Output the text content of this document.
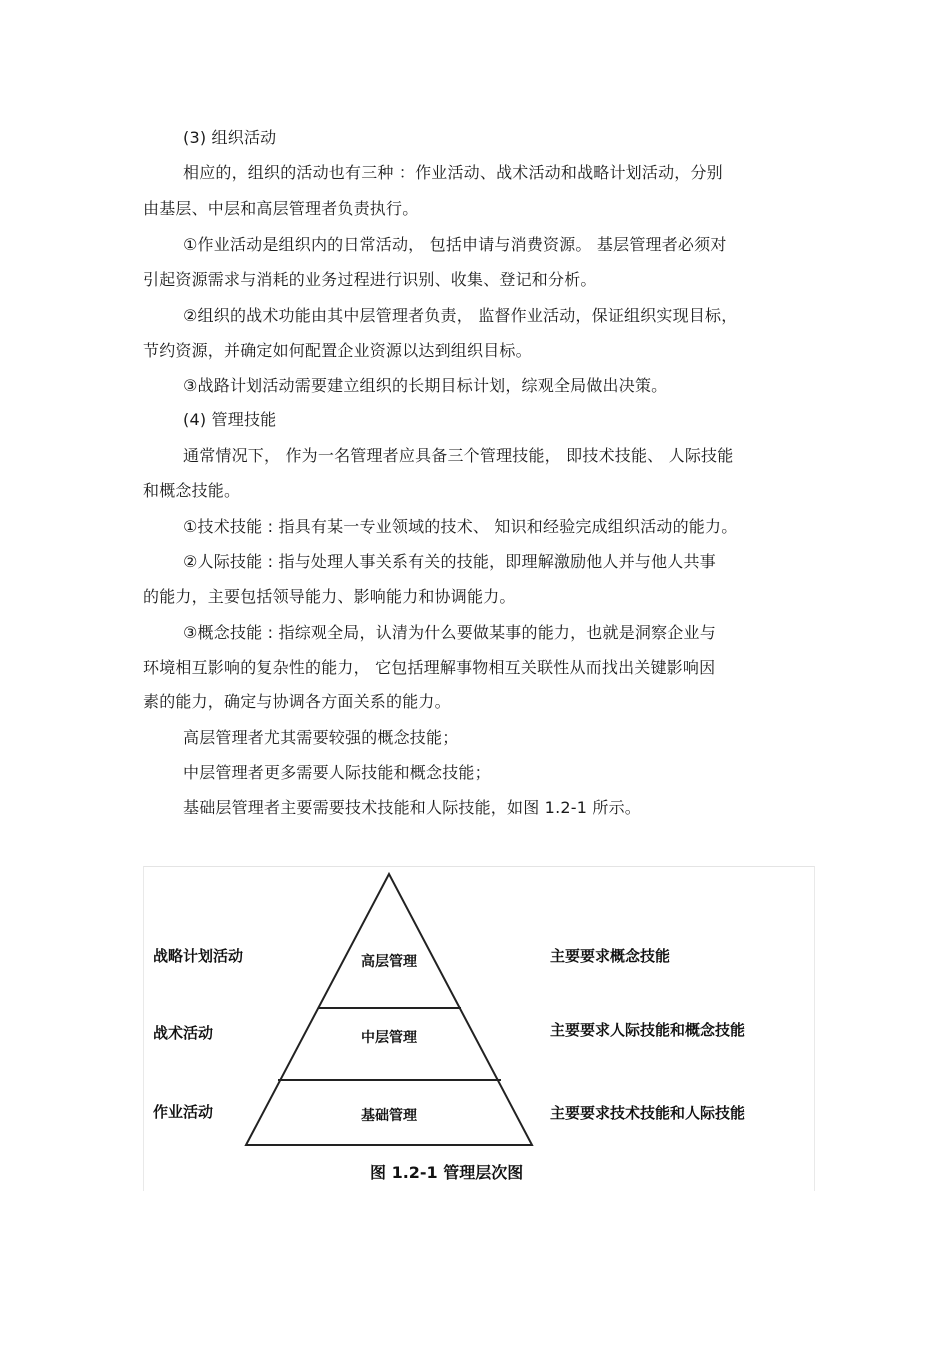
(3) 组织活动
相应的，组织的活动也有三种 ：作业活动、战术活动和战略计划活动，分别
由基层、中层和高层管理者负责执行。
①作业活动是组织内的日常活动， 包括申请与消费资源。 基层管理者必须对
引起资源需求与消耗的业务过程进行识别、收集、登记和分析。
②组织的战术功能由其中层管理者负责， 监督作业活动，保证组织实现目标，
节约资源，并确定如何配置企业资源以达到组织目标。
③战路计划活动需要建立组织的长期目标计划，综观全局做出决策。
(4) 管理技能
通常情况下， 作为一名管理者应具备三个管理技能， 即技术技能、 人际技能
和概念技能。
①技术技能 : 指具有某一专业领域的技术、 知识和经验完成组织活动的能力。
②人际技能 : 指与处理人事关系有关的技能，即理解激励他人并与他人共事
的能力，主要包括领导能力、影响能力和协调能力。
③概念技能 : 指综观全局，认清为什么要做某事的能力，也就是洞察企业与
环境相互影响的复杂性的能力， 它包括理解事物相互关联性从而找出关键影响因
素的能力，确定与协调各方面关系的能力。
高层管理者尤其需要较强的概念技能；
中层管理者更多需要人际技能和概念技能；
基础层管理者主要需要技术技能和人际技能，如图 1.2-1 所示。
战略计划活动
战术活动
作业活动
高层管理
中层管理
基础管理
主要要求概念技能
主要要求人际技能和概念技能
主要要求技术技能和人际技能
图 1.2-1 管理层次图
